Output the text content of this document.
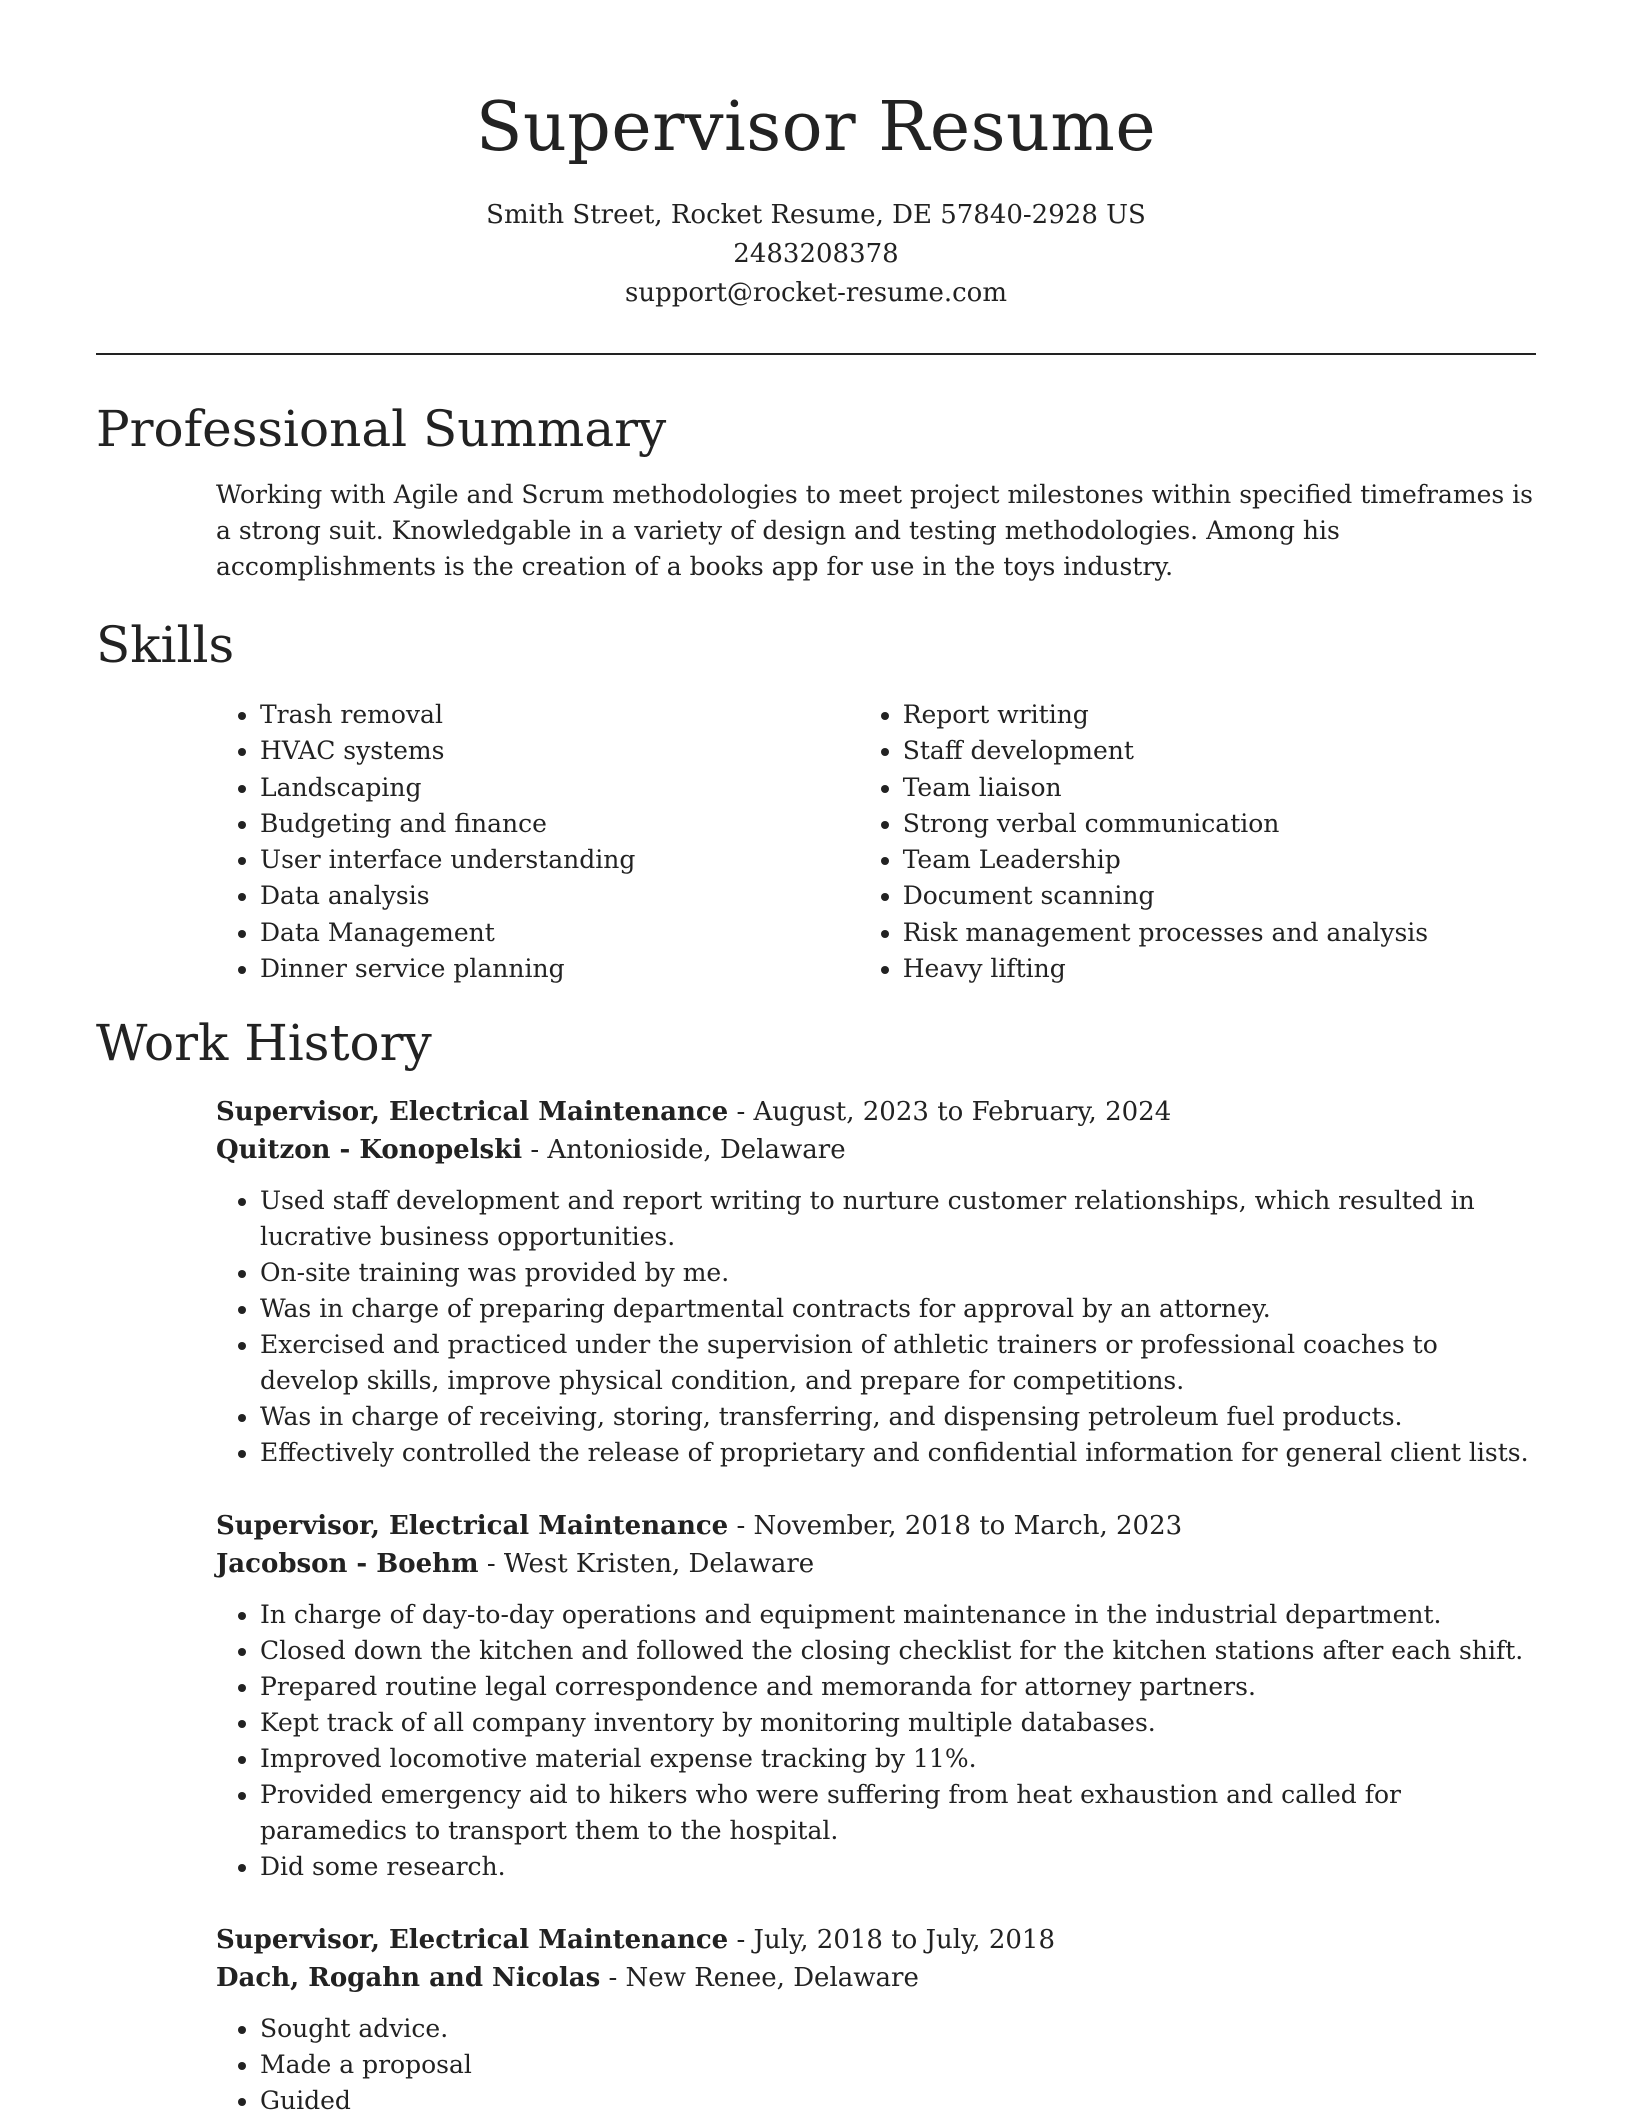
Supervisor Resume
Smith Street, Rocket Resume, DE 57840-2928 US
2483208378
support@rocket-resume.com
Professional Summary

Working with Agile and Scrum methodologies to meet project milestones within specified timeframes is a strong suit. Knowledgable in a variety of design and testing methodologies. Among his accomplishments is the creation of a books app for use in the toys industry.

Skills
• Trash removal
• HVAC systems
• Landscaping
• Budgeting and finance
• User interface understanding
• Data analysis
• Data Management
• Dinner service planning
• Report writing
• Staff development
• Team liaison
• Strong verbal communication
• Team Leadership
• Document scanning
• Risk management processes and analysis
• Heavy lifting
Work History
Supervisor, Electrical Maintenance - August, 2023 to February, 2024
Quitzon - Konopelski - Antonioside, Delaware
• Used staff development and report writing to nurture customer relationships, which resulted in lucrative business opportunities.
• On-site training was provided by me.
• Was in charge of preparing departmental contracts for approval by an attorney.
• Exercised and practiced under the supervision of athletic trainers or professional coaches to develop skills, improve physical condition, and prepare for competitions.
• Was in charge of receiving, storing, transferring, and dispensing petroleum fuel products.
• Effectively controlled the release of proprietary and confidential information for general client lists.
Supervisor, Electrical Maintenance - November, 2018 to March, 2023
Jacobson - Boehm - West Kristen, Delaware
• In charge of day-to-day operations and equipment maintenance in the industrial department.
• Closed down the kitchen and followed the closing checklist for the kitchen stations after each shift.
• Prepared routine legal correspondence and memoranda for attorney partners.
• Kept track of all company inventory by monitoring multiple databases.
• Improved locomotive material expense tracking by 11%.
• Provided emergency aid to hikers who were suffering from heat exhaustion and called for paramedics to transport them to the hospital.
• Did some research.
Supervisor, Electrical Maintenance - July, 2018 to July, 2018
Dach, Rogahn and Nicolas - New Renee, Delaware
• Sought advice.
• Made a proposal
• Guided
